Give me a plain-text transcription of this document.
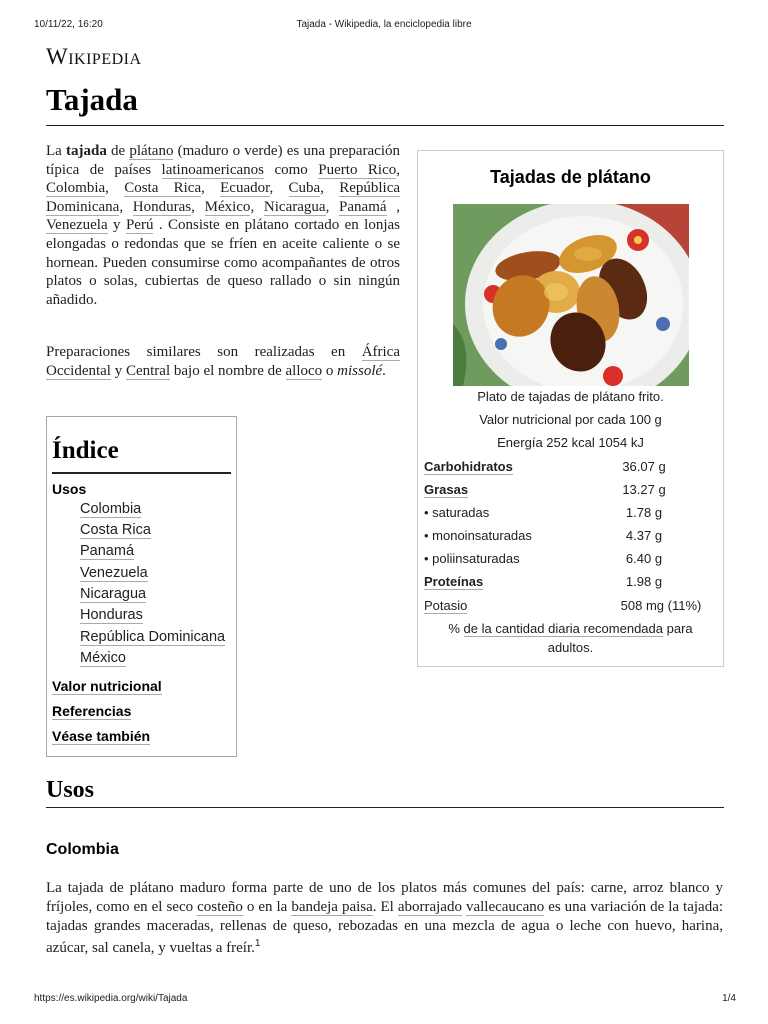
10/11/22, 16:20	Tajada - Wikipedia, la enciclopedia libre
https://es.wikipedia.org/wiki/Tajada	1/4
Wikipedia
Tajada

La tajada de plátano (maduro o verde) es una preparación típica de países latinoamericanos como Puerto Rico, Colombia, Costa Rica, Ecuador, Cuba, República Dominicana, Honduras, México, Nicaragua, Panamá , Venezuela y Perú . Consiste en plátano cortado en lonjas elongadas o redondas que se fríen en aceite caliente o se hornean. Pueden consumirse como acompañantes de otros platos o solas, cubiertas de queso rallado o sin ningún añadido.

Preparaciones similares son realizadas en África Occidental y Central bajo el nombre de alloco o missolé.

Tajadas de plátano
Plato de tajadas de plátano frito.
Valor nutricional por cada 100 g
Energía 252 kcal 1054 kJ
Carbohidratos	36.07 g
Grasas	13.27 g
• saturadas	1.78 g
• monoinsaturadas	4.37 g
• poliinsaturadas	6.40 g
Proteínas	1.98 g
Potasio	508 mg (11%)
% de la cantidad diaria recomendada para adultos.
Índice
Usos
Colombia
Costa Rica
Panamá
Venezuela
Nicaragua
Honduras
República Dominicana
México
Valor nutricional
Referencias
Véase también
Usos
Colombia

La tajada de plátano maduro forma parte de uno de los platos más comunes del país: carne, arroz blanco y fríjoles, como en el seco costeño o en la bandeja paisa. El aborrajado vallecaucano es una variación de la tajada: tajadas grandes maceradas, rellenas de queso, rebozadas en una mezcla de agua o leche con huevo, harina, azúcar, sal canela, y vueltas a freír.$^1$
